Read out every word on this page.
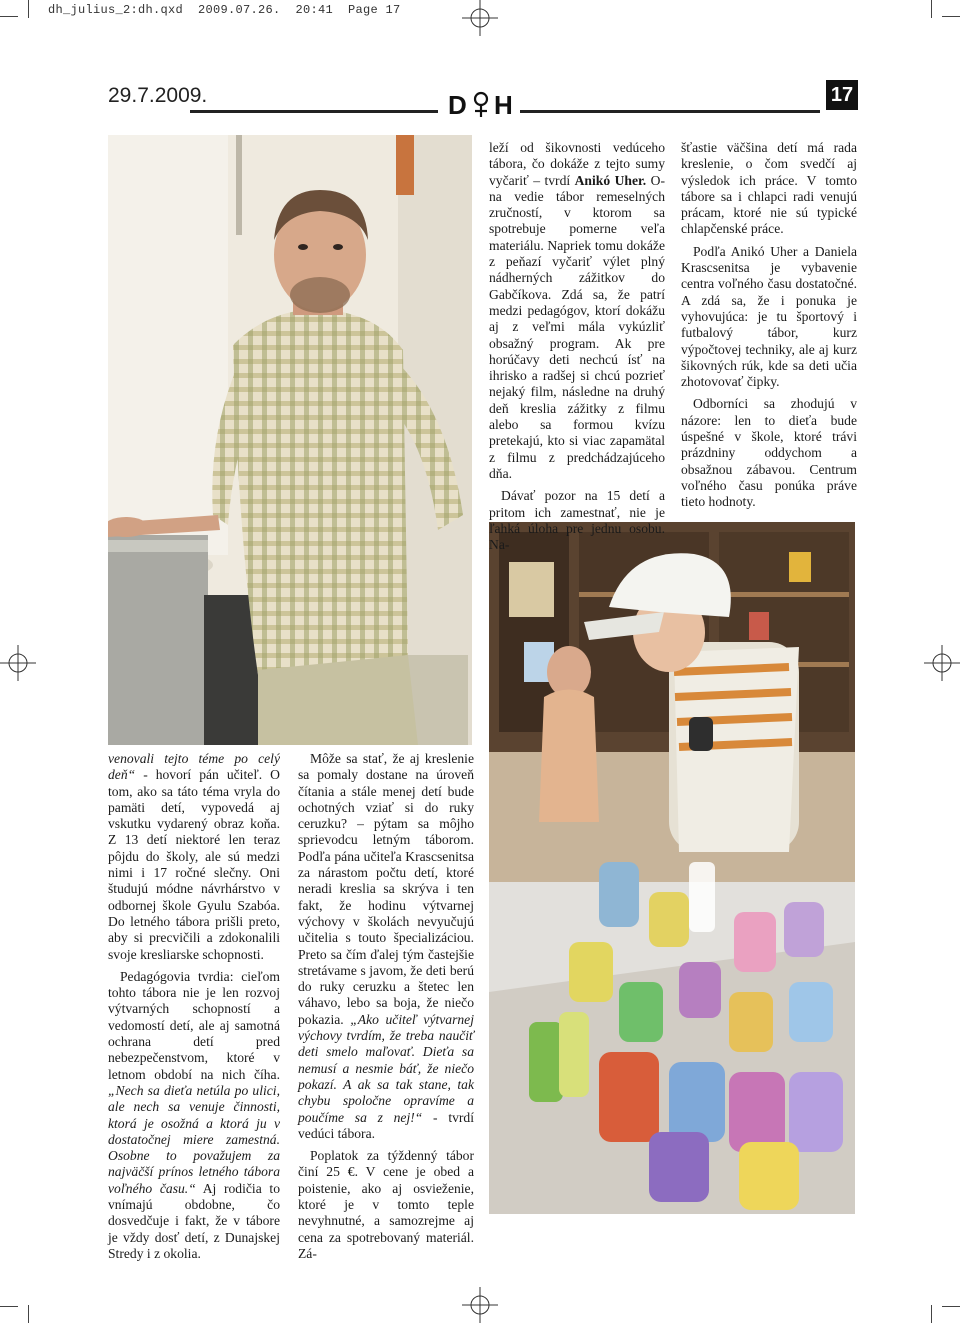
dh_julius_2:dh.qxd  2009.07.26.  20:41  Page 17
29.7.2009.	D H	17

leží od šikovnosti vedúceho tábora, čo dokáže z tejto sumy vyčariť – tvrdí Anikó Uher. O-na vedie tábor remeselných zručností, v ktorom sa spotrebuje pomerne veľa materiálu. Napriek tomu dokáže z peňazí vyčariť výlet plný nádherných zážitkov do Gabčíkova. Zdá sa, že patrí medzi pedagógov, ktorí dokážu aj z veľmi mála vykúzliť obsažný program. Ak pre horúčavy deti nechcú ísť na ihrisko a radšej si chcú pozrieť nejaký film, následne na druhý deň kreslia zážitky z filmu alebo sa formou kvízu pretekajú, kto si viac zapamätal z filmu z predchádzajúceho dňa.

Dávať pozor na 15 detí a pritom ich zamestnať, nie je ľahká úloha pre jednu osobu. Na-

šťastie väčšina detí má rada kreslenie, o čom svedčí aj výsledok ich práce. V tomto tábore sa i chlapci radi venujú prácam, ktoré nie sú typické chlapčenské práce.

Podľa Anikó Uher a Daniela Krascsenitsa je vybavenie centra voľného času dostatočné. A zdá sa, že i ponuka je vyhovujúca: je tu športový i futbalový tábor, kurz výpočtovej techniky, ale aj kurz šikovných rúk, kde sa deti učia zhotovovať čipky.

Odborníci sa zhodujú v názore: len to dieťa bude úspešné v škole, ktoré trávi prázdniny oddychom a obsažnou zábavou. Centrum voľného času ponúka práve tieto hodnoty.

venovali tejto téme po celý deň“ - hovorí pán učiteľ. O tom, ako sa táto téma vryla do pamäti detí, vypovedá aj vskutku vydarený obraz koňa. Z 13 detí niektoré len teraz pôjdu do školy, ale sú medzi nimi i 17 ročné slečny. Oni študujú módne návrhárstvo v odbornej škole Gyulu Szabóa. Do letného tábora prišli preto, aby si precvičili a zdokonalili svoje kresliarske schopnosti.

Pedagógovia tvrdia: cieľom tohto tábora nie je len rozvoj výtvarných schopností a vedomostí detí, ale aj samotná ochrana detí pred nebezpečenstvom, ktoré v letnom období na nich číha. „Nech sa dieťa netúla po ulici, ale nech sa venuje činnosti, ktorá je osožná a ktorá ju v dostatočnej miere zamestná. Osobne to považujem za najväčší prínos letného tábora voľného času.“ Aj rodičia to vnímajú obdobne, čo dosvedčuje i fakt, že v tábore je vždy dosť detí, z Dunajskej Stredy i z okolia.

Môže sa stať, že aj kreslenie sa pomaly dostane na úroveň čítania a stále menej detí bude ochotných vziať si do ruky ceruzku? – pýtam sa môjho sprievodcu letným táborom. Podľa pána učiteľa Krascsenitsa za nárastom počtu detí, ktoré neradi kreslia sa skrýva i ten fakt, že hodinu výtvarnej výchovy v školách nevyučujú učitelia s touto špecializáciou. Preto sa čím ďalej tým častejšie stretávame s javom, že deti berú do ruky ceruzku a štetec len váhavo, lebo sa boja, že niečo pokazia. „Ako učiteľ výtvarnej výchovy tvrdím, že treba naučiť deti smelo maľovať. Dieťa sa nemusí a nesmie báť, že niečo pokazí. A ak sa tak stane, tak chybu spoločne opravíme a poučíme sa z nej!“ - tvrdí vedúci tábora.

Poplatok za týždenný tábor činí 25 €. V cene je obed a poistenie, ako aj osvieženie, ktoré je v tomto teple nevyhnutné, a samozrejme aj cena za spotrebovaný materiál. Zá-
